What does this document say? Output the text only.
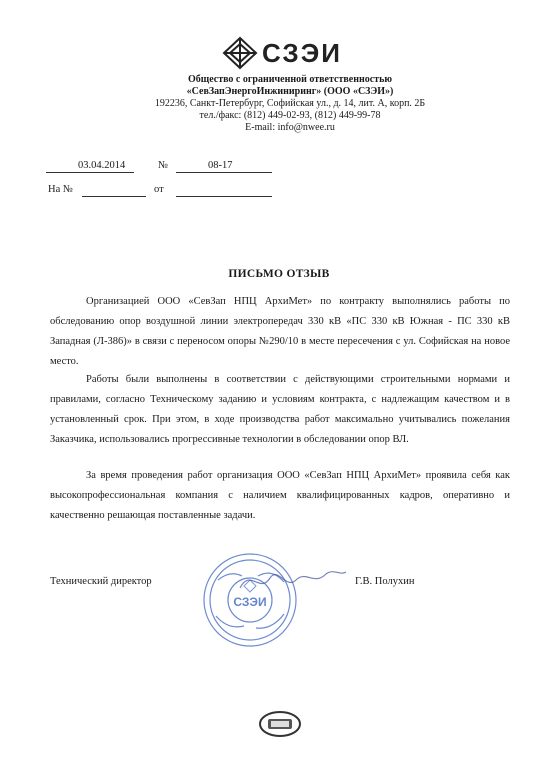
СЗЭИ
Общество с ограниченной ответственностью
«СевЗапЭнергоИнжиниринг» (ООО «СЗЭИ»)
192236, Санкт-Петербург, Софийская ул., д. 14, лит. А, корп. 2Б
тел./факс: (812) 449-02-93, (812) 449-99-78
E-mail: info@nwee.ru
03.04.2014	№	08-17
На №	от
ПИСЬМО ОТЗЫВ

Организацией ООО «СевЗап НПЦ АрхиМет» по контракту выполнялись работы по обследованию опор воздушной линии электропередач 330 кВ «ПС 330 кВ Южная - ПС 330 кВ Западная (Л-386)» в связи с переносом опоры №290/10 в месте пересечения с ул. Софийская на новое место.

Работы были выполнены в соответствии с действующими строительными нормами и правилами, согласно Техническому заданию и условиям контракта, с надлежащим качеством и в установленный срок. При этом, в ходе производства работ максимально учитывались пожелания Заказчика, использовались прогрессивные технологии в обследовании опор ВЛ.

За время проведения работ организация ООО «СевЗап НПЦ АрхиМет» проявила себя как высокопрофессиональная компания с наличием квалифицированных кадров, оперативно и качественно решающая поставленные задачи.

Технический директор	Г.В. Полухин
СЗЭИ
